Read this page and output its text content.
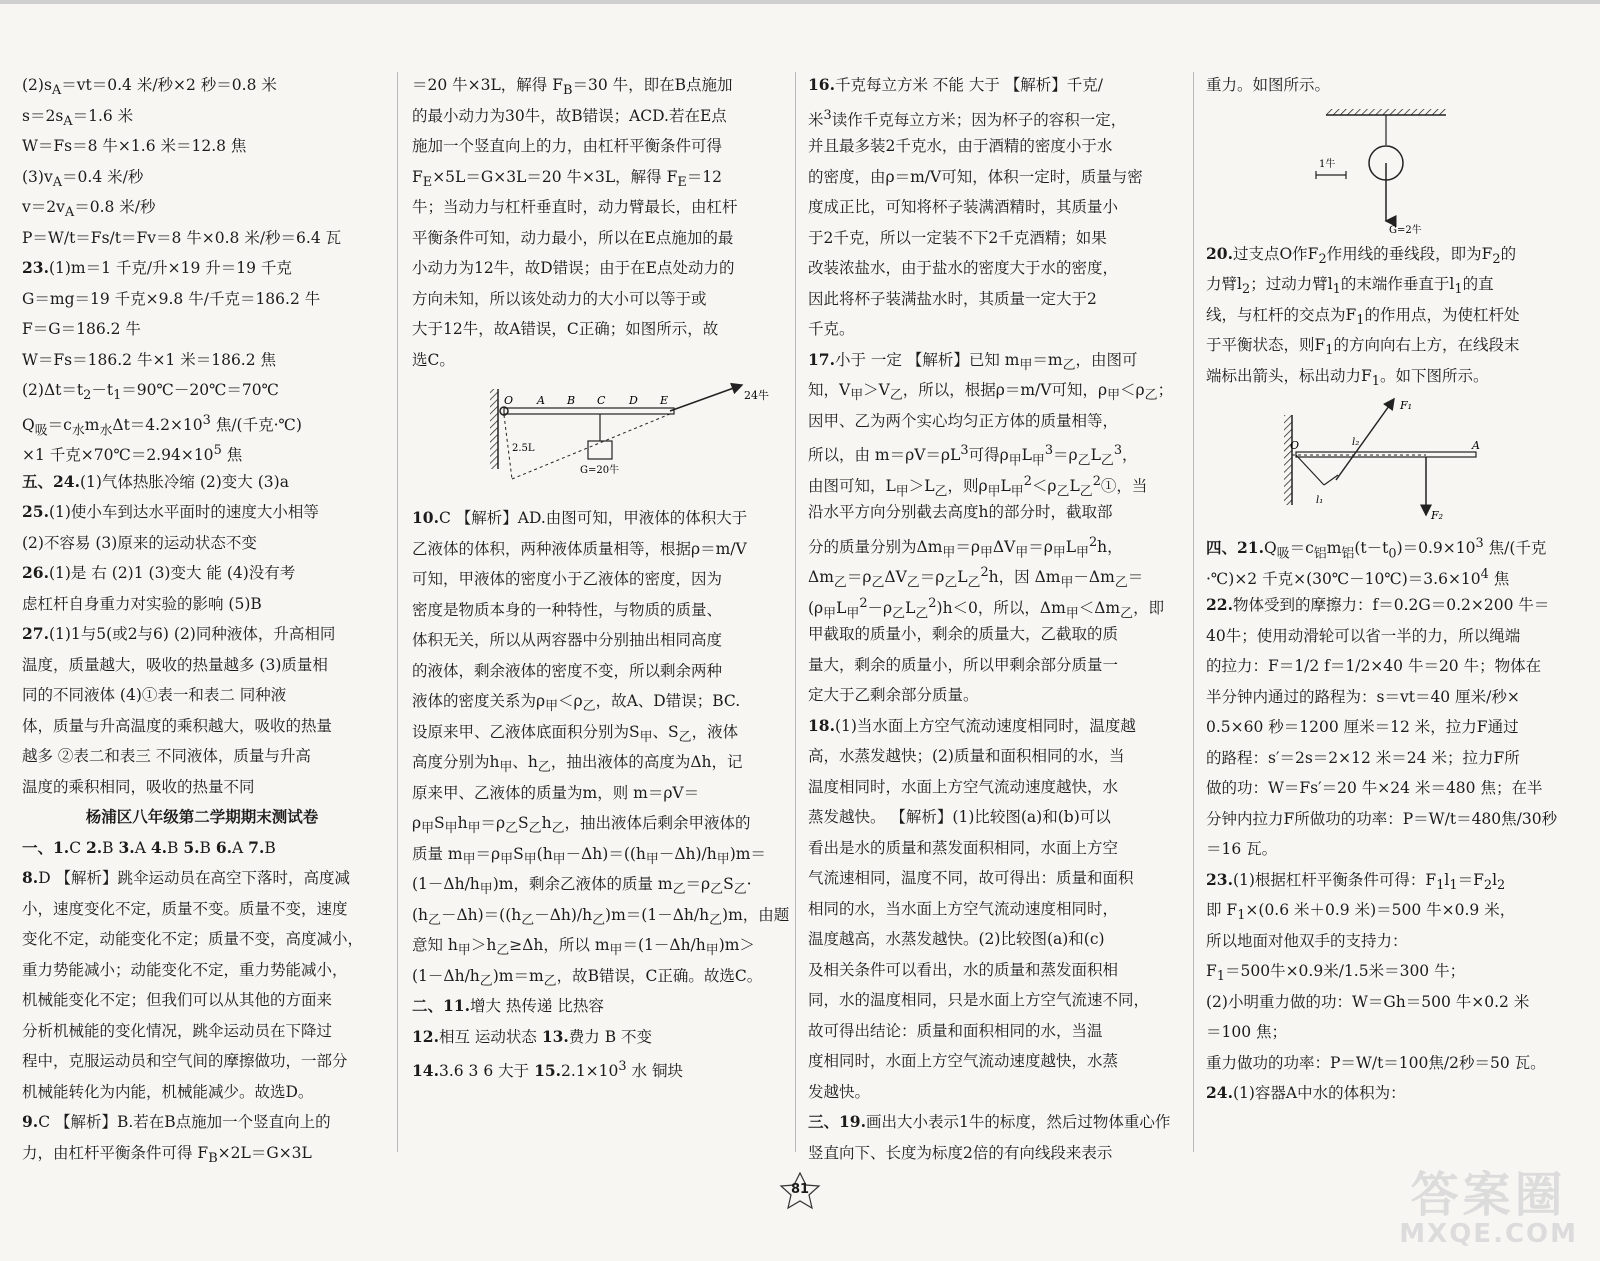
$(2)s_A=vt=0.4$ 米/秒×2 秒＝0.8 米
$s=2s_A=1.6$ 米
W＝Fs＝8 牛×1.6 米＝12.8 焦
$(3)v_A=0.4$ 米/秒
$v=2v_A=0.8$ 米/秒
P＝W/t＝Fs/t＝Fv＝8 牛×0.8 米/秒＝6.4 瓦
23.(1)m＝1 千克/升×19 升＝19 千克
G＝mg＝19 千克×9.8 牛/千克＝186.2 牛
F＝G＝186.2 牛
W＝Fs＝186.2 牛×1 米＝186.2 焦
$(2)\Delta t=t_2-t_1=90℃-20℃=70℃$
$Q_吸=c_水m_水\Delta t=4.2\times 10^3$ 焦/(千克·℃)
×1 千克$\times 70℃=2.94\times 10^5$ 焦
五、24.(1)气体热胀冷缩 (2)变大 (3)a
25.(1)使小车到达水平面时的速度大小相等
(2)不容易 (3)原来的运动状态不变
26.(1)是 右 (2)1 (3)变大 能 (4)没有考
虑杠杆自身重力对实验的影响 (5)B
27.(1)1与5(或2与6) (2)同种液体，升高相同
温度，质量越大，吸收的热量越多 (3)质量相
同的不同液体 (4)①表一和表二 同种液
体，质量与升高温度的乘积越大，吸收的热量
越多 ②表二和表三 不同液体，质量与升高
温度的乘积相同，吸收的热量不同
杨浦区八年级第二学期期末测试卷
一、1.C 2.B 3.A 4.B 5.B 6.A 7.B
8.D 【解析】跳伞运动员在高空下落时，高度减
小，速度变化不定，质量不变。质量不变，速度
变化不定，动能变化不定；质量不变，高度减小，
重力势能减小；动能变化不定，重力势能减小，
机械能变化不定；但我们可以从其他的方面来
分析机械能的变化情况，跳伞运动员在下降过
程中，克服运动员和空气间的摩擦做功，一部分
机械能转化为内能，机械能减少。故选D。
9.C 【解析】B.若在B点施加一个竖直向上的
力，由杠杆平衡条件可得 $F_B\times 2L=G\times 3L$
＝20 牛×3L，解得 $F_B=30$ 牛，即在B点施加
的最小动力为30牛，故B错误；ACD.若在E点
施加一个竖直向上的力，由杠杆平衡条件可得
$F_E\times 5L=G\times 3L=20$ 牛×3L，解得 $F_E=12$
牛；当动力与杠杆垂直时，动力臂最长，由杠杆
平衡条件可知，动力最小，所以在E点施加的最
小动力为12牛，故D错误；由于在E点处动力的
方向未知，所以该处动力的大小可以等于或
大于12牛，故A错误，C正确；如图所示，故
选C。
O A B C D E	24牛
G=20牛
2.5L
10.C 【解析】AD.由图可知，甲液体的体积大于
乙液体的体积，两种液体质量相等，根据ρ＝m/V
可知，甲液体的密度小于乙液体的密度，因为
密度是物质本身的一种特性，与物质的质量、
体积无关，所以从两容器中分别抽出相同高度
的液体，剩余液体的密度不变，所以剩余两种
液体的密度关系为$\rho_甲<\rho_乙$，故A、D错误；BC.
设原来甲、乙液体底面积分别为$S_甲$、$S_乙$，液体
高度分别为$h_甲$、$h_乙$，抽出液体的高度为Δh，记
原来甲、乙液体的质量为m，则 m＝ρV＝
$\rho_甲S_甲h_甲=\rho_乙S_乙h_乙$，抽出液体后剩余甲液体的
质量 $m_甲=\rho_甲S_甲(h_甲-\Delta h)=((h_甲-\Delta h)/h_甲)m=$
$(1-\Delta h/h_甲)m$，剩余乙液体的质量 $m_乙=\rho_乙S_乙\cdot$
$(h_乙-\Delta h)=((h_乙-\Delta h)/h_乙)m=(1-\Delta h/h_乙)m$，由题
意知 $h_甲>h_乙\ge\Delta h$，所以 $m_甲=(1-\Delta h/h_甲)m>$
$(1-\Delta h/h_乙)m=m_乙$，故B错误，C正确。故选C。
二、11.增大 热传递 比热容
12.相互 运动状态 13.费力 B 不变
14.3.6 3 6 大于 $15.2.1\times 10^3$ 水 铜块
16.千克每立方米 不能 大于 【解析】千克/
米$^3$读作千克每立方米；因为杯子的容积一定，
并且最多装2千克水，由于酒精的密度小于水
的密度，由ρ＝m/V可知，体积一定时，质量与密
度成正比，可知将杯子装满酒精时，其质量小
于2千克，所以一定装不下2千克酒精；如果
改装浓盐水，由于盐水的密度大于水的密度，
因此将杯子装满盐水时，其质量一定大于2
千克。
17.小于 一定 【解析】已知 $m_甲=m_乙$，由图可
知，$V_甲>V_乙$，所以，根据ρ＝m/V可知，$\rho_甲<\rho_乙$；
因甲、乙为两个实心均匀正方体的质量相等，
所以，由 $m=\rho V=\rho L^3$可得$\rho_甲L_甲^3=\rho_乙L_乙^3$，
由图可知，$L_甲>L_乙$，则$\rho_甲L_甲^2<\rho_乙L_乙^2①$，当
沿水平方向分别截去高度h的部分时，截取部
分的质量分别为$\Delta m_甲=\rho_甲\Delta V_甲=\rho_甲L_甲^2h$，
$\Delta m_乙=\rho_乙\Delta V_乙=\rho_乙L_乙^2h$，因 $\Delta m_甲-\Delta m_乙=$
$(\rho_甲L_甲^2-\rho_乙L_乙^2)h<0$，所以，$\Delta m_甲<\Delta m_乙$，即
甲截取的质量小，剩余的质量大，乙截取的质
量大，剩余的质量小，所以甲剩余部分质量一
定大于乙剩余部分质量。
18.(1)当水面上方空气流动速度相同时，温度越
高，水蒸发越快；(2)质量和面积相同的水，当
温度相同时，水面上方空气流动速度越快，水
蒸发越快。 【解析】(1)比较图(a)和(b)可以
看出是水的质量和蒸发面积相同，水面上方空
气流速相同，温度不同，故可得出：质量和面积
相同的水，当水面上方空气流动速度相同时，
温度越高，水蒸发越快。(2)比较图(a)和(c)
及相关条件可以看出，水的质量和蒸发面积相
同，水的温度相同，只是水面上方空气流速不同，
故可得出结论：质量和面积相同的水，当温
度相同时，水面上方空气流动速度越快，水蒸
发越快。
三、19.画出大小表示1牛的标度，然后过物体重心作
竖直向下、长度为标度2倍的有向线段来表示
重力。如图所示。
1牛
G=2牛
20.过支点O作$F_2$作用线的垂线段，即为$F_2$的
力臂$l_2$；过动力臂$l_1$的末端作垂直于$l_1$的直
线，与杠杆的交点为$F_1$的作用点，为使杠杆处
于平衡状态，则$F_1$的方向向右上方，在线段末
端标出箭头，标出动力$F_1$。如下图所示。
O	A
F₁
F₂
l₂
l₁
四、$21.Q_吸=c_铝m_铝(t-t_0)=0.9\times 10^3$ 焦/(千克
·℃)×2 千克$\times(30℃-10℃)=3.6\times 10^4$ 焦
22.物体受到的摩擦力：f＝0.2G＝0.2×200 牛＝
40牛；使用动滑轮可以省一半的力，所以绳端
的拉力：F＝1/2 f＝1/2×40 牛＝20 牛；物体在
半分钟内通过的路程为：s＝vt＝40 厘米/秒×
0.5×60 秒＝1200 厘米＝12 米，拉力F通过
的路程：s′＝2s＝2×12 米＝24 米；拉力F所
做的功：W＝Fs′＝20 牛×24 米＝480 焦；在半
分钟内拉力F所做功的功率：P＝W/t＝480焦/30秒
＝16 瓦。
23.(1)根据杠杆平衡条件可得：$F_1l_1=F_2l_2$
即 $F_1\times(0.6$ 米＋0.9 米)＝500 牛×0.9 米，
所以地面对他双手的支持力：
$F_1=500$牛×0.9米/1.5米＝300 牛；
(2)小明重力做的功：W＝Gh＝500 牛×0.2 米
＝100 焦；
重力做功的功率：P＝W/t＝100焦/2秒＝50 瓦。
24.(1)容器A中水的体积为：
81	答案圈
MXQE.COM
